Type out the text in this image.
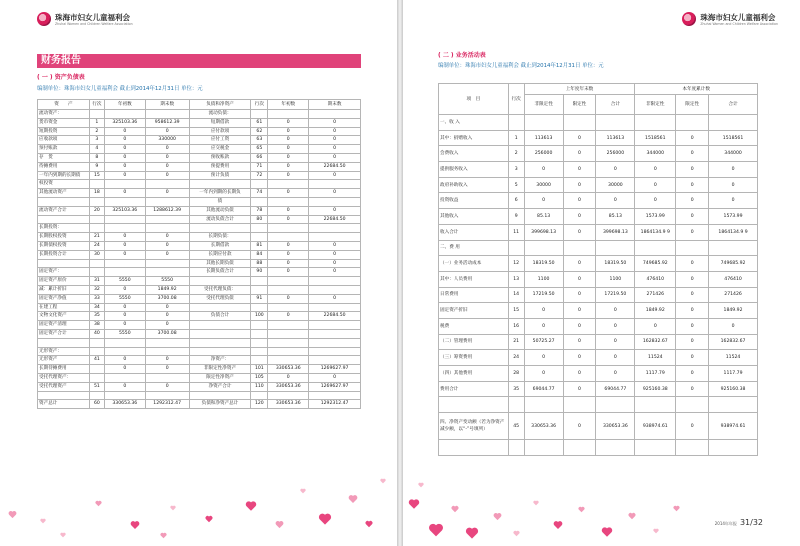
珠海市妇女儿童福利会
Zhuhai Women and Children Welfare Association
财务报告
( 一 ) 资产负债表
编制单位：珠海市妇女儿童福利会 截止到2014年12月31日 单位：元
资　　产	行次	年初数	期末数	负债和净资产	行次	年初数	期末数
流动资产：				流动负债：			
货币资金	1	325103.36	958612.39	短期借款	61	0	0
短期投资	2	0	0	应付款项	62	0	0
应收款项	3	0	330000	应付工资	63	0	0
预付账款	4	0	0	应交税金	65	0	0
存　货	8	0	0	预收账款	66	0	0
待摊费用	9	0	0	预提费用	71	0	22684.50
一年内到期的长期债	15	0	0	预计负债	72	0	0
权投资							
其他流动资产	18	0	0	一年内到期的长期负	74	0	0
				债			
流动资产合计	20	325103.36	1288612.39	其他流动负债	78	0	0
				流动负债合计	80	0	22684.50
长期投资：							
长期股权投资	21	0	0	长期负债：			
长期债权投资	24	0	0	长期借款	81	0	0
长期投资合计	30	0	0	长期应付款	84	0	0
				其他长期负债	88	0	0
固定资产：				长期负债合计	90	0	0
固定资产原价	31	5550	5550				
减：累计折旧	32	0	1849.92	受托代理负债：			
固定资产净值	33	5550	3700.08	受托代理负债	91	0	0
在建工程	34	0	0				
文物文化资产	35	0	0	负债合计	100	0	22684.50
固定资产清理	38	0	0				
固定资产合计	40	5550	3700.08				

无形资产：							
无形资产	41	0	0	净资产：			
长期待摊费用		0	0	非限定性净资产	101	330653.36	1269627.97
受托代理资产：				限定性净资产	105	0	0
受托代理资产	51	0	0	净资产合计	110	330653.36	1269627.97

资产总计	60	330653.36	1292312.47	负债和净资产总计	120	330653.36	1292312.47
珠海市妇女儿童福利会
Zhuhai Women and Children Welfare Association
( 二 ) 业务活动表
编制单位：珠海市妇女儿童福利会 截止到2014年12月31日 单位：元
项　目	行次	上年度年末数			本年度累计数		
		非限定性	限定性	合计	非限定性	限定性	合计
一、收 入							
其中：捐赠收入	1	113613	0	113613	1518561	0	1518561
会费收入	2	256000	0	256000	344000	0	344000
提供服务收入	3	0	0	0	0	0	0
政府补助收入	5	30000	0	30000	0	0	0
投资收益	6	0	0	0	0	0	0
其他收入	9	85.13	0	85.13	1573.99	0	1573.99
收入合计	11	399698.13	0	399698.13	1864134.9 9	0	1864134.9 9
二、费 用							
（一）业务活动成本	12	18319.50	0	18319.50	749685.92	0	749685.92
其中：人员费用	13	1100	0	1100	476410	0	476410
日常费用	14	17219.50	0	17219.50	271426	0	271426
固定资产折旧	15	0	0	0	1849.92	0	1849.92
税费	16	0	0	0	0	0	0
（二）管理费用	21	50725.27	0	0	162832.67	0	162832.67
（三）筹资费用	24	0	0	0	11524	0	11524
（四）其他费用	28	0	0	0	1117.79	0	1117.79
费用合计	35	69044.77	0	69044.77	925160.38	0	925160.38

四、净资产变动额（若为净资产减少额，以“-”号填列）	45	330653.36	0	330653.36	938974.61	0	938974.61

2014年年报 31/32
